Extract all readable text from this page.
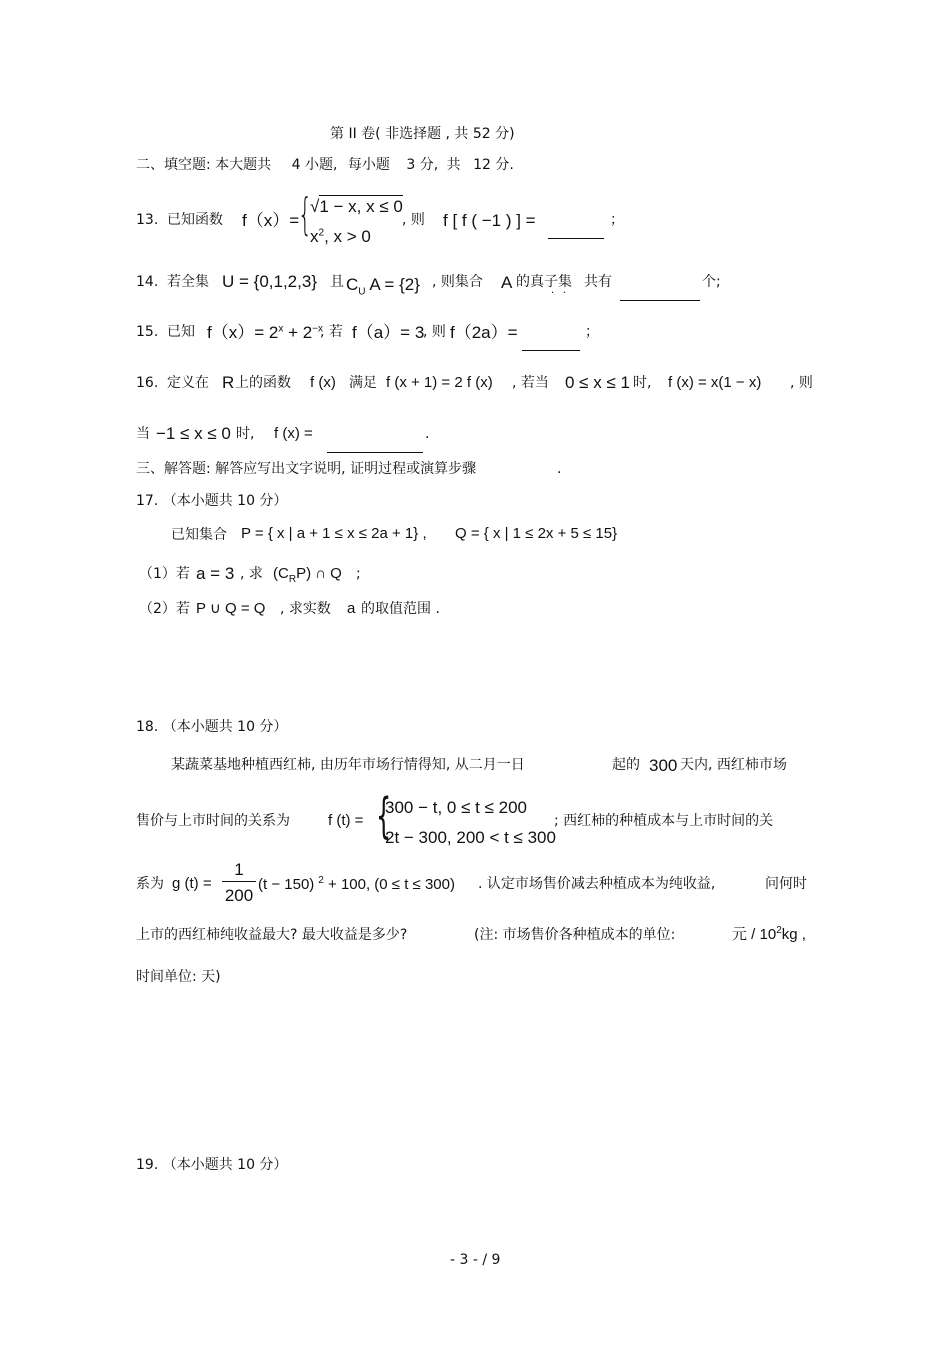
第 II 卷( 非选择题 , 共 52 分)
二、填空题: 本大题共 4 小题, 每小题 3 分, 共 12 分.
13. 已知函数 f（x）=
{
√1 − x, x ≤ 0
$x^2$, x > 0
, 则 f [ f ( −1 ) ] =	；
14. 若全集 U = {0,1,2,3} 且 $C_U$ A = {2} , 则集合 A 的真子集
· ·
共有	个;
15. 已知 $f(x)= 2^x + 2^{-x}$
, 若 f（a）= 3
, 则 f（2a）=	；
16. 定义在 R 上的函数 f (x) 满足 f (x + 1) = 2 f (x) , 若当 0 ≤ x ≤ 1 时, f (x) = x(1 − x) , 则
当 −1 ≤ x ≤ 0 时, f (x) =	.
三、解答题: 解答应写出文字说明, 证明过程或演算步骤	.
17. （本小题共 10 分）
已知集合 P = { x | a + 1 ≤ x ≤ 2a + 1} , Q = { x | 1 ≤ 2x + 5 ≤ 15}
（1）若 a = 3 , 求 $(C_RP)$ ∩ Q ;
（2）若 P ∪ Q = Q , 求实数 a 的取值范围 .
18. （本小题共 10 分）
某蔬菜基地种植西红柿, 由历年市场行情得知, 从二月一日	起的 300 天内, 西红柿市场
售价与上市时间的关系为	f (t) = {
300 − t, 0 ≤ t ≤ 200
2t − 300, 200 < t ≤ 300
; 西红柿的种植成本与上市时间的关
系为 g (t) =
1
200
(t − 150) $^2$ + 100, (0 ≤ t ≤ 300) . 认定市场售价减去种植成本为纯收益,	问何时
上市的西红柿纯收益最大? 最大收益是多少?	(注: 市场售价各种植成本的单位:	元 / $10^2kg$ ,
时间单位: 天)
19. （本小题共 10 分）
- 3 - / 9
